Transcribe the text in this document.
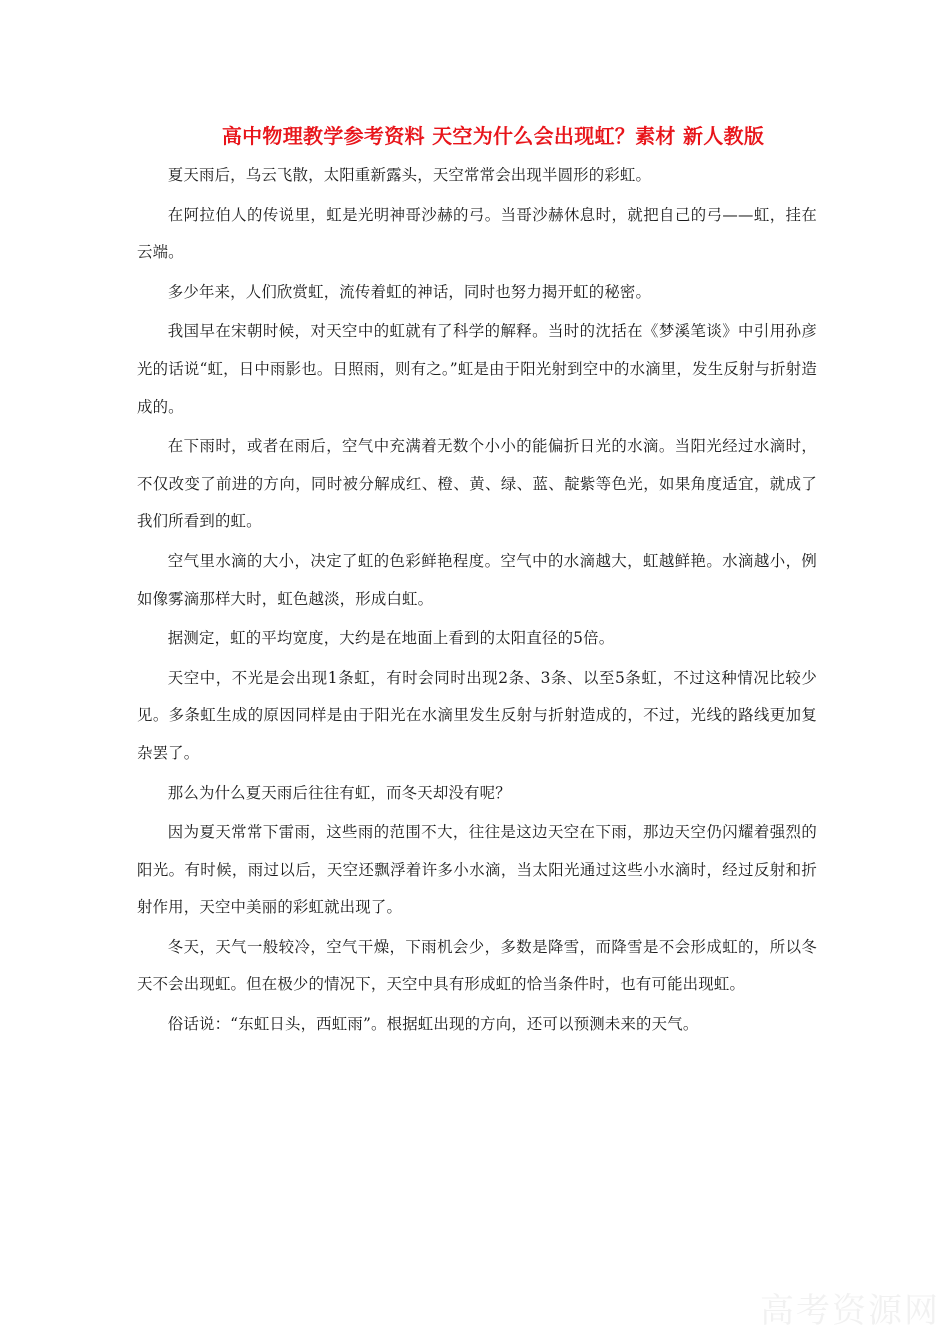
高中物理教学参考资料 天空为什么会出现虹？素材 新人教版

夏天雨后，乌云飞散，太阳重新露头，天空常常会出现半圆形的彩虹。

在阿拉伯人的传说里，虹是光明神哥沙赫的弓。当哥沙赫休息时，就把自己的弓——虹，挂在云端。

多少年来，人们欣赏虹，流传着虹的神话，同时也努力揭开虹的秘密。

我国早在宋朝时候，对天空中的虹就有了科学的解释。当时的沈括在《梦溪笔谈》中引用孙彦光的话说“虹，日中雨影也。日照雨，则有之。”虹是由于阳光射到空中的水滴里，发生反射与折射造成的。

在下雨时，或者在雨后，空气中充满着无数个小小的能偏折日光的水滴。当阳光经过水滴时，不仅改变了前进的方向，同时被分解成红、橙、黄、绿、蓝、靛紫等色光，如果角度适宜，就成了我们所看到的虹。

空气里水滴的大小，决定了虹的色彩鲜艳程度。空气中的水滴越大，虹越鲜艳。水滴越小，例如像雾滴那样大时，虹色越淡，形成白虹。

据测定，虹的平均宽度，大约是在地面上看到的太阳直径的5倍。

天空中，不光是会出现1条虹，有时会同时出现2条、3条、以至5条虹，不过这种情况比较少见。多条虹生成的原因同样是由于阳光在水滴里发生反射与折射造成的，不过，光线的路线更加复杂罢了。

那么为什么夏天雨后往往有虹，而冬天却没有呢？

因为夏天常常下雷雨，这些雨的范围不大，往往是这边天空在下雨，那边天空仍闪耀着强烈的阳光。有时候，雨过以后，天空还飘浮着许多小水滴，当太阳光通过这些小水滴时，经过反射和折射作用，天空中美丽的彩虹就出现了。

冬天，天气一般较冷，空气干燥，下雨机会少，多数是降雪，而降雪是不会形成虹的，所以冬天不会出现虹。但在极少的情况下，天空中具有形成虹的恰当条件时，也有可能出现虹。

俗话说：“东虹日头，西虹雨”。根据虹出现的方向，还可以预测未来的天气。

高考资源网
